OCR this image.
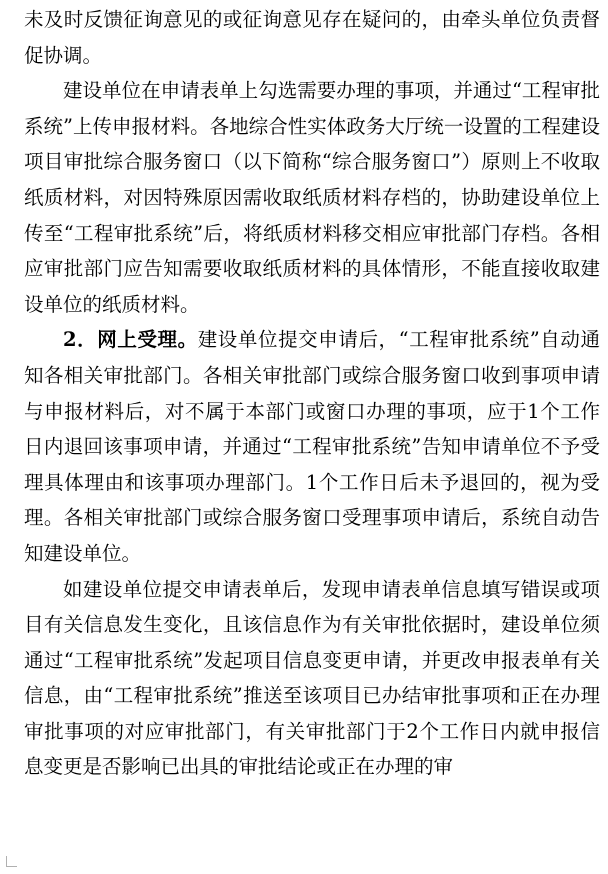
未及时反馈征询意见的或征询意见存在疑问的，由牵头单位负责督促协调。

建设单位在申请表单上勾选需要办理的事项，并通过“工程审批系统”上传申报材料。各地综合性实体政务大厅统一设置的工程建设项目审批综合服务窗口（以下简称“综合服务窗口”）原则上不收取纸质材料，对因特殊原因需收取纸质材料存档的，协助建设单位上传至“工程审批系统”后，将纸质材料移交相应审批部门存档。各相应审批部门应告知需要收取纸质材料的具体情形，不能直接收取建设单位的纸质材料。

2．网上受理。建设单位提交申请后，“工程审批系统”自动通知各相关审批部门。各相关审批部门或综合服务窗口收到事项申请与申报材料后，对不属于本部门或窗口办理的事项，应于1个工作日内退回该事项申请，并通过“工程审批系统”告知申请单位不予受理具体理由和该事项办理部门。1个工作日后未予退回的，视为受理。各相关审批部门或综合服务窗口受理事项申请后，系统自动告知建设单位。

如建设单位提交申请表单后，发现申请表单信息填写错误或项目有关信息发生变化，且该信息作为有关审批依据时，建设单位须通过“工程审批系统”发起项目信息变更申请，并更改申报表单有关信息，由“工程审批系统”推送至该项目已办结审批事项和正在办理审批事项的对应审批部门，有关审批部门于2个工作日内就申报信息变更是否影响已出具的审批结论或正在办理的审
